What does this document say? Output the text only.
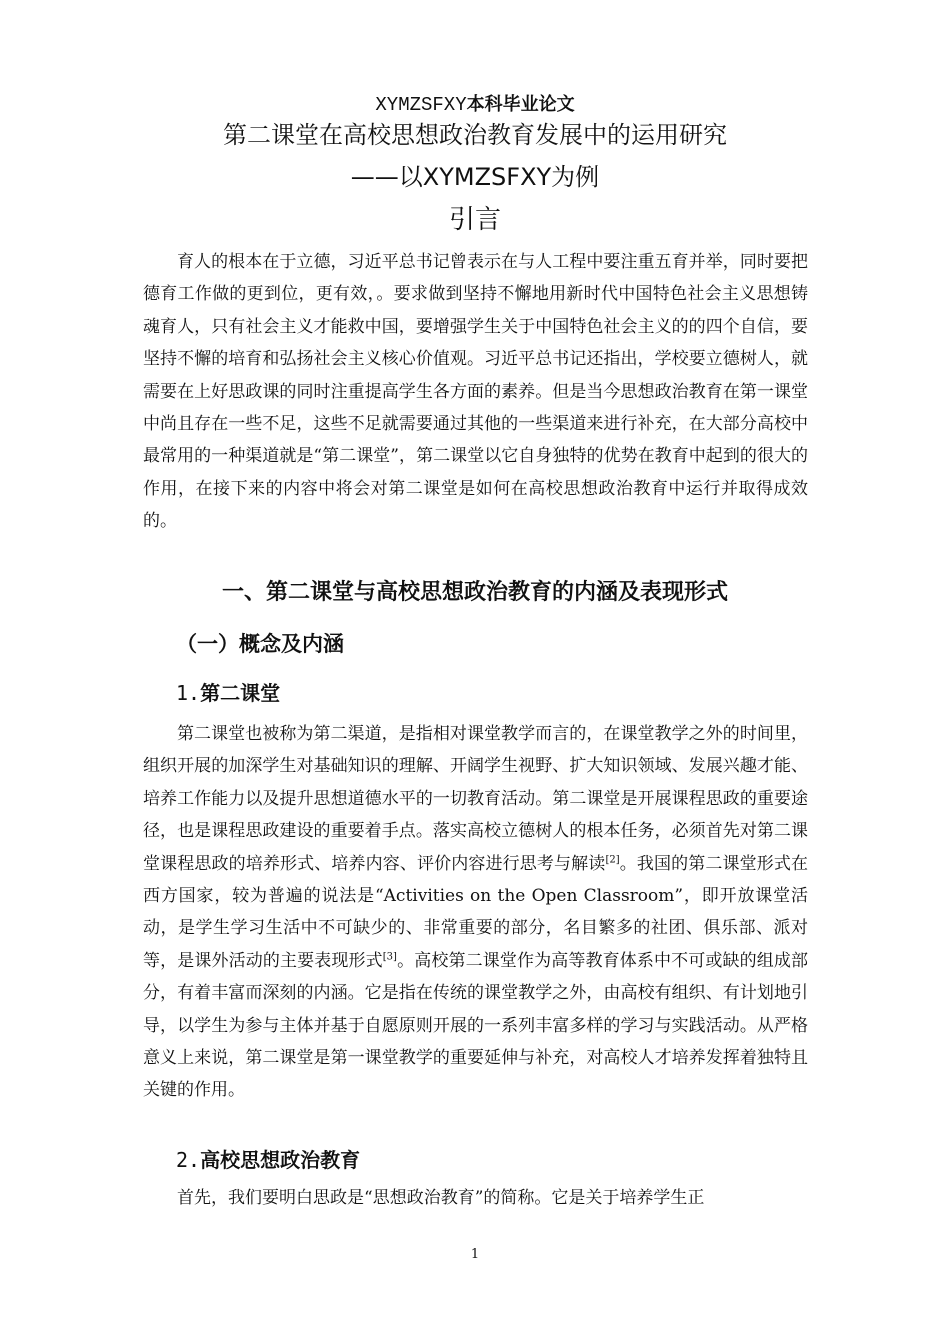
XYMZSFXY本科毕业论文
第二课堂在高校思想政治教育发展中的运用研究
——以XYMZSFXY为例
引言
育人的根本在于立德，习近平总书记曾表示在与人工程中要注重五育并举，同时要把德育工作做的更到位，更有效，。要求做到坚持不懈地用新时代中国特色社会主义思想铸魂育人，只有社会主义才能救中国，要增强学生关于中国特色社会主义的的四个自信，要坚持不懈的培育和弘扬社会主义核心价值观。习近平总书记还指出，学校要立德树人，就需要在上好思政课的同时注重提高学生各方面的素养。但是当今思想政治教育在第一课堂中尚且存在一些不足，这些不足就需要通过其他的一些渠道来进行补充，在大部分高校中最常用的一种渠道就是“第二课堂”，第二课堂以它自身独特的优势在教育中起到的很大的作用，在接下来的内容中将会对第二课堂是如何在高校思想政治教育中运行并取得成效的。
一、第二课堂与高校思想政治教育的内涵及表现形式
（一）概念及内涵
1.第二课堂
第二课堂也被称为第二渠道，是指相对课堂教学而言的，在课堂教学之外的时间里，组织开展的加深学生对基础知识的理解、开阔学生视野、扩大知识领域、发展兴趣才能、培养工作能力以及提升思想道德水平的一切教育活动。第二课堂是开展课程思政的重要途径，也是课程思政建设的重要着手点。落实高校立德树人的根本任务，必须首先对第二课堂课程思政的培养形式、培养内容、评价内容进行思考与解读[2]。我国的第二课堂形式在西方国家，较为普遍的说法是“Activities on the Open Classroom”，即开放课堂活动，是学生学习生活中不可缺少的、非常重要的部分，名目繁多的社团、俱乐部、派对等，是课外活动的主要表现形式[3]。高校第二课堂作为高等教育体系中不可或缺的组成部分，有着丰富而深刻的内涵。它是指在传统的课堂教学之外，由高校有组织、有计划地引导，以学生为参与主体并基于自愿原则开展的一系列丰富多样的学习与实践活动。从严格意义上来说，第二课堂是第一课堂教学的重要延伸与补充，对高校人才培养发挥着独特且关键的作用。
2.高校思想政治教育
首先，我们要明白思政是“思想政治教育”的简称。它是关于培养学生正
1
